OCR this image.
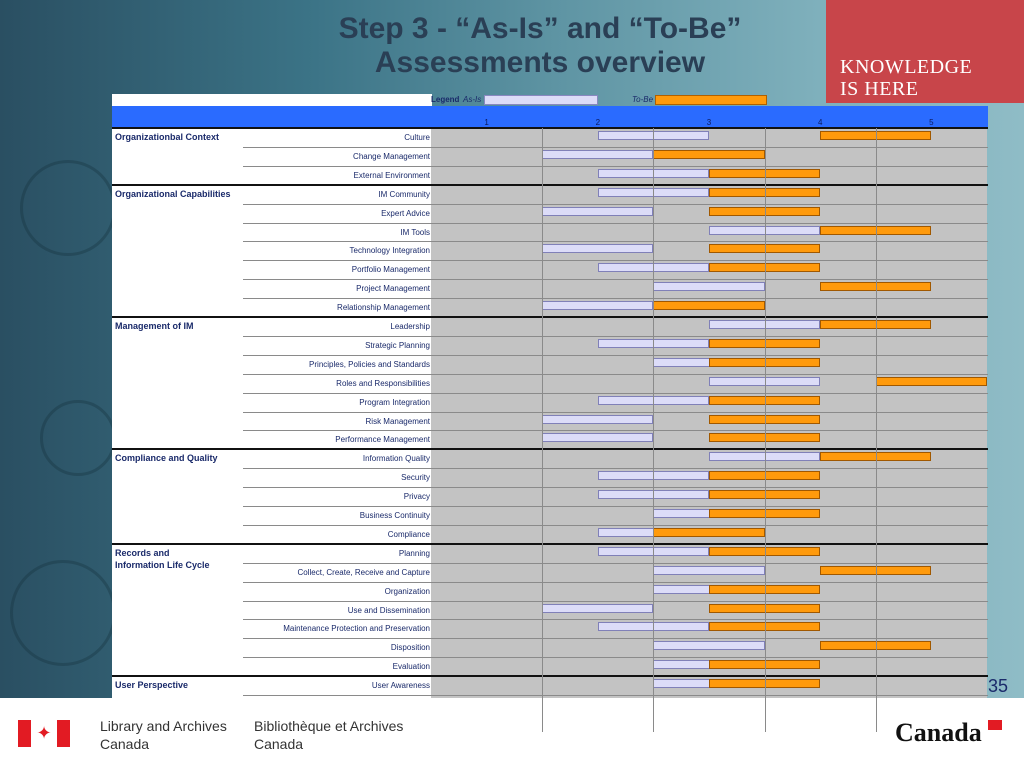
Step 3 - “As-Is” and “To-Be”
Assessments overview	KNOWLEDGE
IS HERE
Legend As-Is	To-Be
Organizationbal Context	Culture
Change Management
External Environment
Organizational Capabilities	IM Community
Expert Advice
IM Tools
Technology Integration
Portfolio Management
Project Management
Relationship Management
Management of IM	Leadership
Strategic Planning
Principles, Policies and Standards
Roles and Responsibilities
Program Integration
Risk Management
Performance Management
Compliance and Quality	Information Quality
Security
Privacy
Business Continuity
Compliance
Records and
Information Life Cycle
Planning
Collect, Create, Receive and Capture
Organization
Use and Dissemination
Maintenance Protection and Preservation
Disposition
Evaluation
User Perspective	User Awareness
✦	Library and Archives
Canada
Bibliothèque et Archives
Canada	Canada
35
1	2	3	4	5
